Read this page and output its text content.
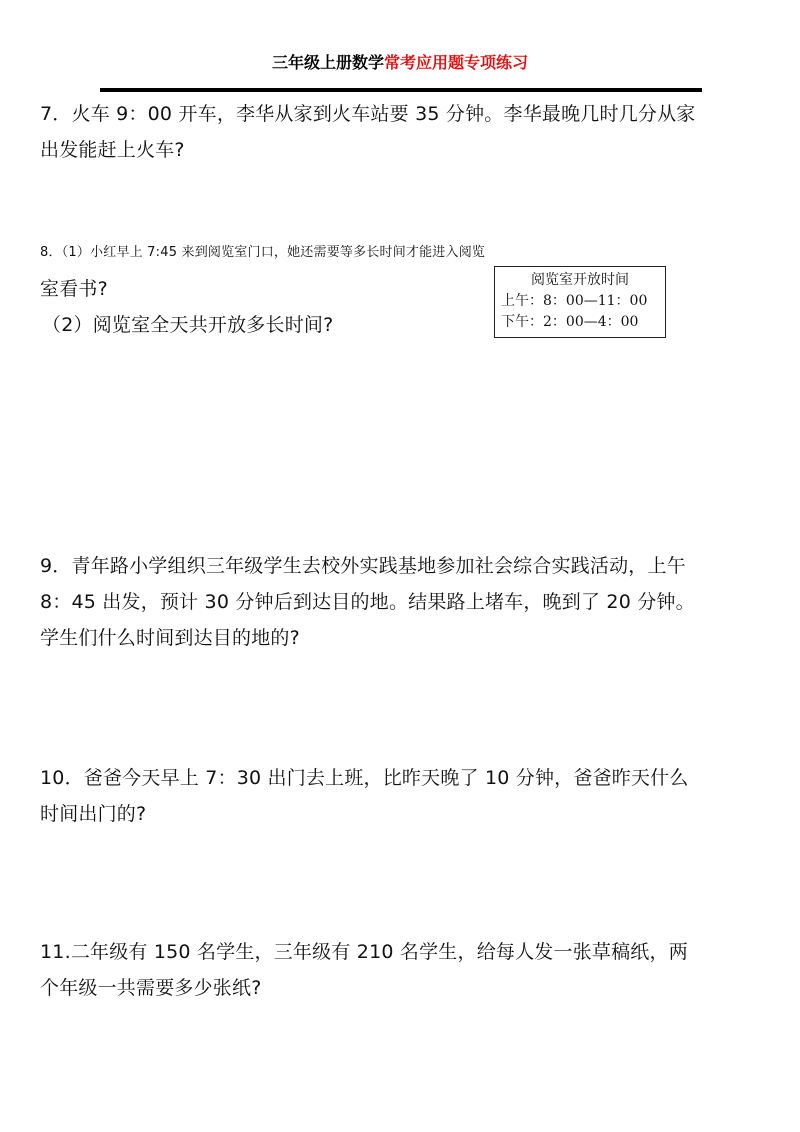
三年级上册数学常考应用题专项练习

7．火车 9：00 开车，李华从家到火车站要 35 分钟。李华最晚几时几分从家

出发能赶上火车?

8．（1）小红早上 7:45 来到阅览室门口，她还需要等多长时间才能进入阅览

室看书?

（2）阅览室全天共开放多长时间?

阅览室开放时间
上午：8：00—11：00
下午：2：00—4：00

9．青年路小学组织三年级学生去校外实践基地参加社会综合实践活动，上午

8：45 出发，预计 30 分钟后到达目的地。结果路上堵车，晚到了 20 分钟。

学生们什么时间到达目的地的?

10．爸爸今天早上 7：30 出门去上班，比昨天晚了 10 分钟，爸爸昨天什么

时间出门的?

11.二年级有 150 名学生，三年级有 210 名学生，给每人发一张草稿纸，两

个年级一共需要多少张纸?
